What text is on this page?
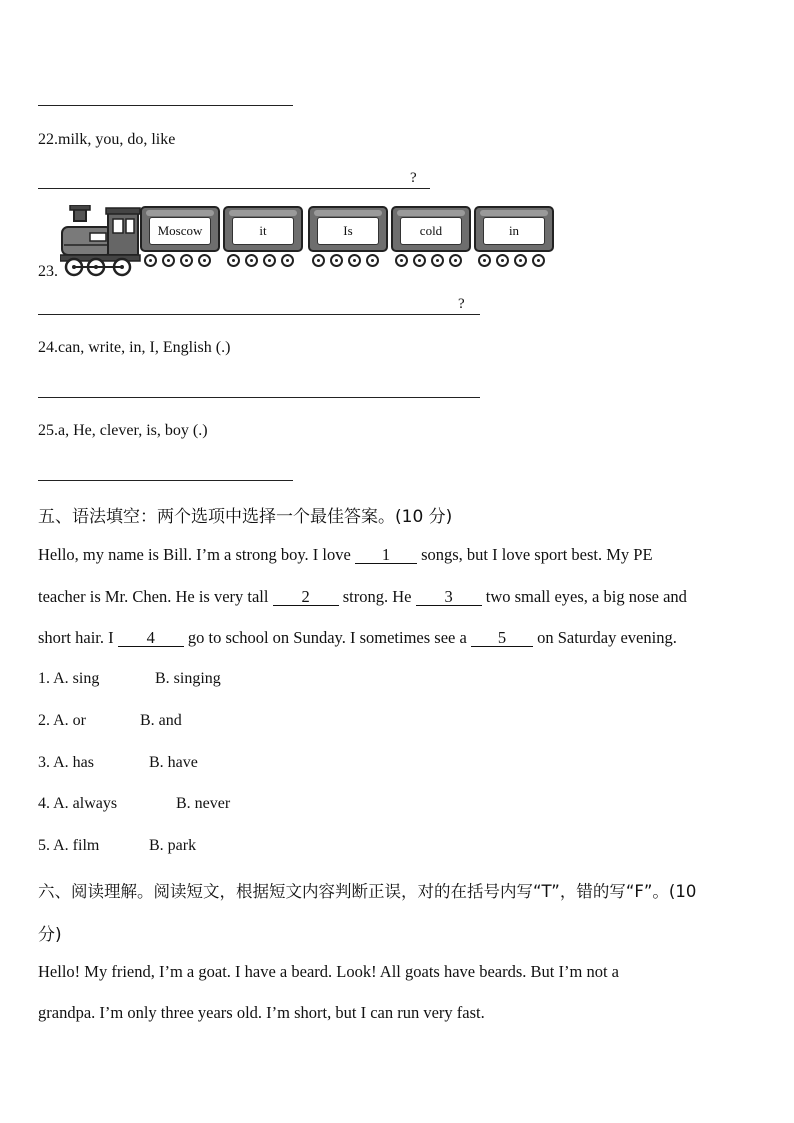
22.milk, you, do, like
?
23.
Moscow	it	Is	cold	in
?
24.can, write, in, I, English (.)
25.a, He, clever, is, boy (.)
五、语法填空：两个选项中选择一个最佳答案。(10 分)
Hello, my name is Bill. I’m a strong boy. I love 1 songs, but I love sport best. My PE
teacher is Mr. Chen. He is very tall 2 strong. He 3 two small eyes, a big nose and
short hair. I 4 go to school on Sunday. I sometimes see a 5 on Saturday evening.
1. A. sing	B. singing
2. A. or	B. and
3. A. has	B. have
4. A. always	B. never
5. A. film	B. park
六、阅读理解。阅读短文，根据短文内容判断正误，对的在括号内写“T”，错的写“F”。(10
分)
Hello! My friend, I’m a goat. I have a beard. Look! All goats have beards. But I’m not a
grandpa. I’m only three years old. I’m short, but I can run very fast.
